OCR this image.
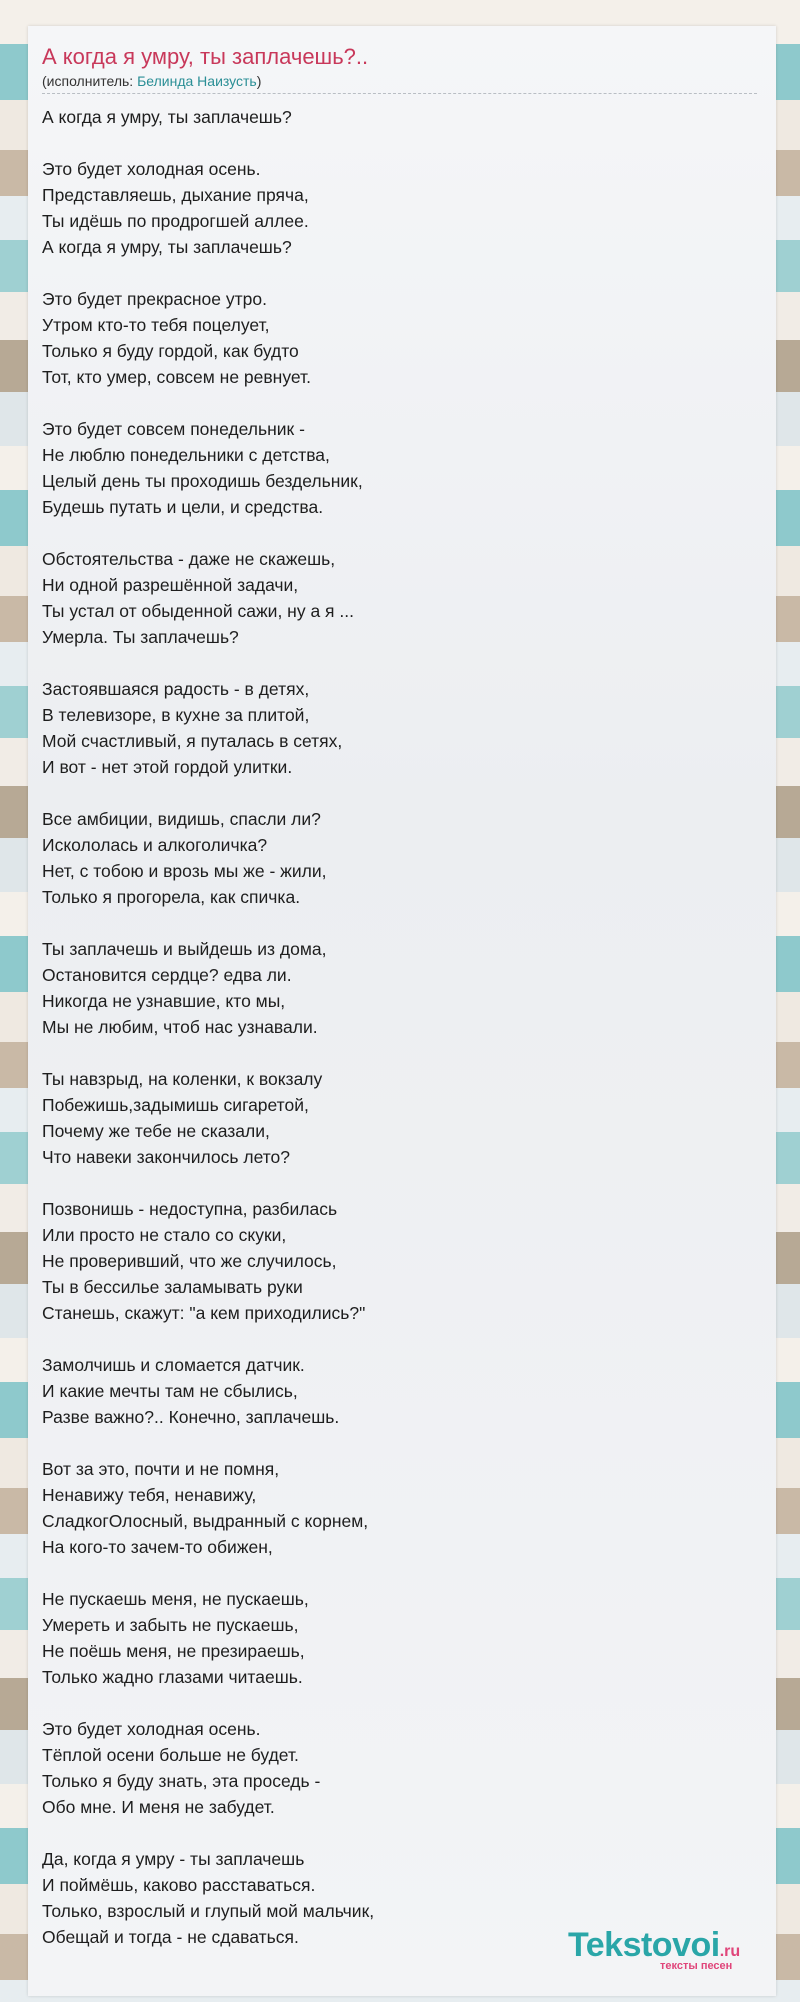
А когда я умру, ты заплачешь?..
(исполнитель: Белинда Наизусть)
А когда я умру, ты заплачешь?
Это будет холодная осень.
Представляешь, дыхание пряча,
Ты идёшь по продрогшей аллее.
А когда я умру, ты заплачешь?
Это будет прекрасное утро.
Утром кто-то тебя поцелует,
Только я буду гордой, как будто
Тот, кто умер, совсем не ревнует.
Это будет совсем понедельник -
Не люблю понедельники с детства,
Целый день ты проходишь бездельник,
Будешь путать и цели, и средства.
Обстоятельства - даже не скажешь,
Ни одной разрешённой задачи,
Ты устал от обыденной сажи, ну а я ...
Умерла. Ты заплачешь?
Застоявшаяся радость - в детях,
В телевизоре, в кухне за плитой,
Мой счастливый, я путалась в сетях,
И вот - нет этой гордой улитки.
Все амбиции, видишь, спасли ли?
Искололась и алкоголичка?
Нет, с тобою и врозь мы же - жили,
Только я прогорела, как спичка.
Ты заплачешь и выйдешь из дома,
Остановится сердце? едва ли.
Никогда не узнавшие, кто мы,
Мы не любим, чтоб нас узнавали.
Ты навзрыд, на коленки, к вокзалу
Побежишь,задымишь сигаретой,
Почему же тебе не сказали,
Что навеки закончилось лето?
Позвонишь - недоступна, разбилась
Или просто не стало со скуки,
Не проверивший, что же случилось,
Ты в бессилье заламывать руки
Станешь, скажут: "а кем приходились?"
Замолчишь и сломается датчик.
И какие мечты там не сбылись,
Разве важно?.. Конечно, заплачешь.
Вот за это, почти и не помня,
Ненавижу тебя, ненавижу,
СладкогОлосный, выдранный с корнем,
На кого-то зачем-то обижен,
Не пускаешь меня, не пускаешь,
Умереть и забыть не пускаешь,
Не поёшь меня, не презираешь,
Только жадно глазами читаешь.
Это будет холодная осень.
Тёплой осени больше не будет.
Только я буду знать, эта проседь -
Обо мне. И меня не забудет.
Да, когда я умру - ты заплачешь
И поймёшь, каково расставаться.
Только, взрослый и глупый мой мальчик,
Обещай и тогда - не сдаваться.	Tekstovoi.ru
тексты песен
